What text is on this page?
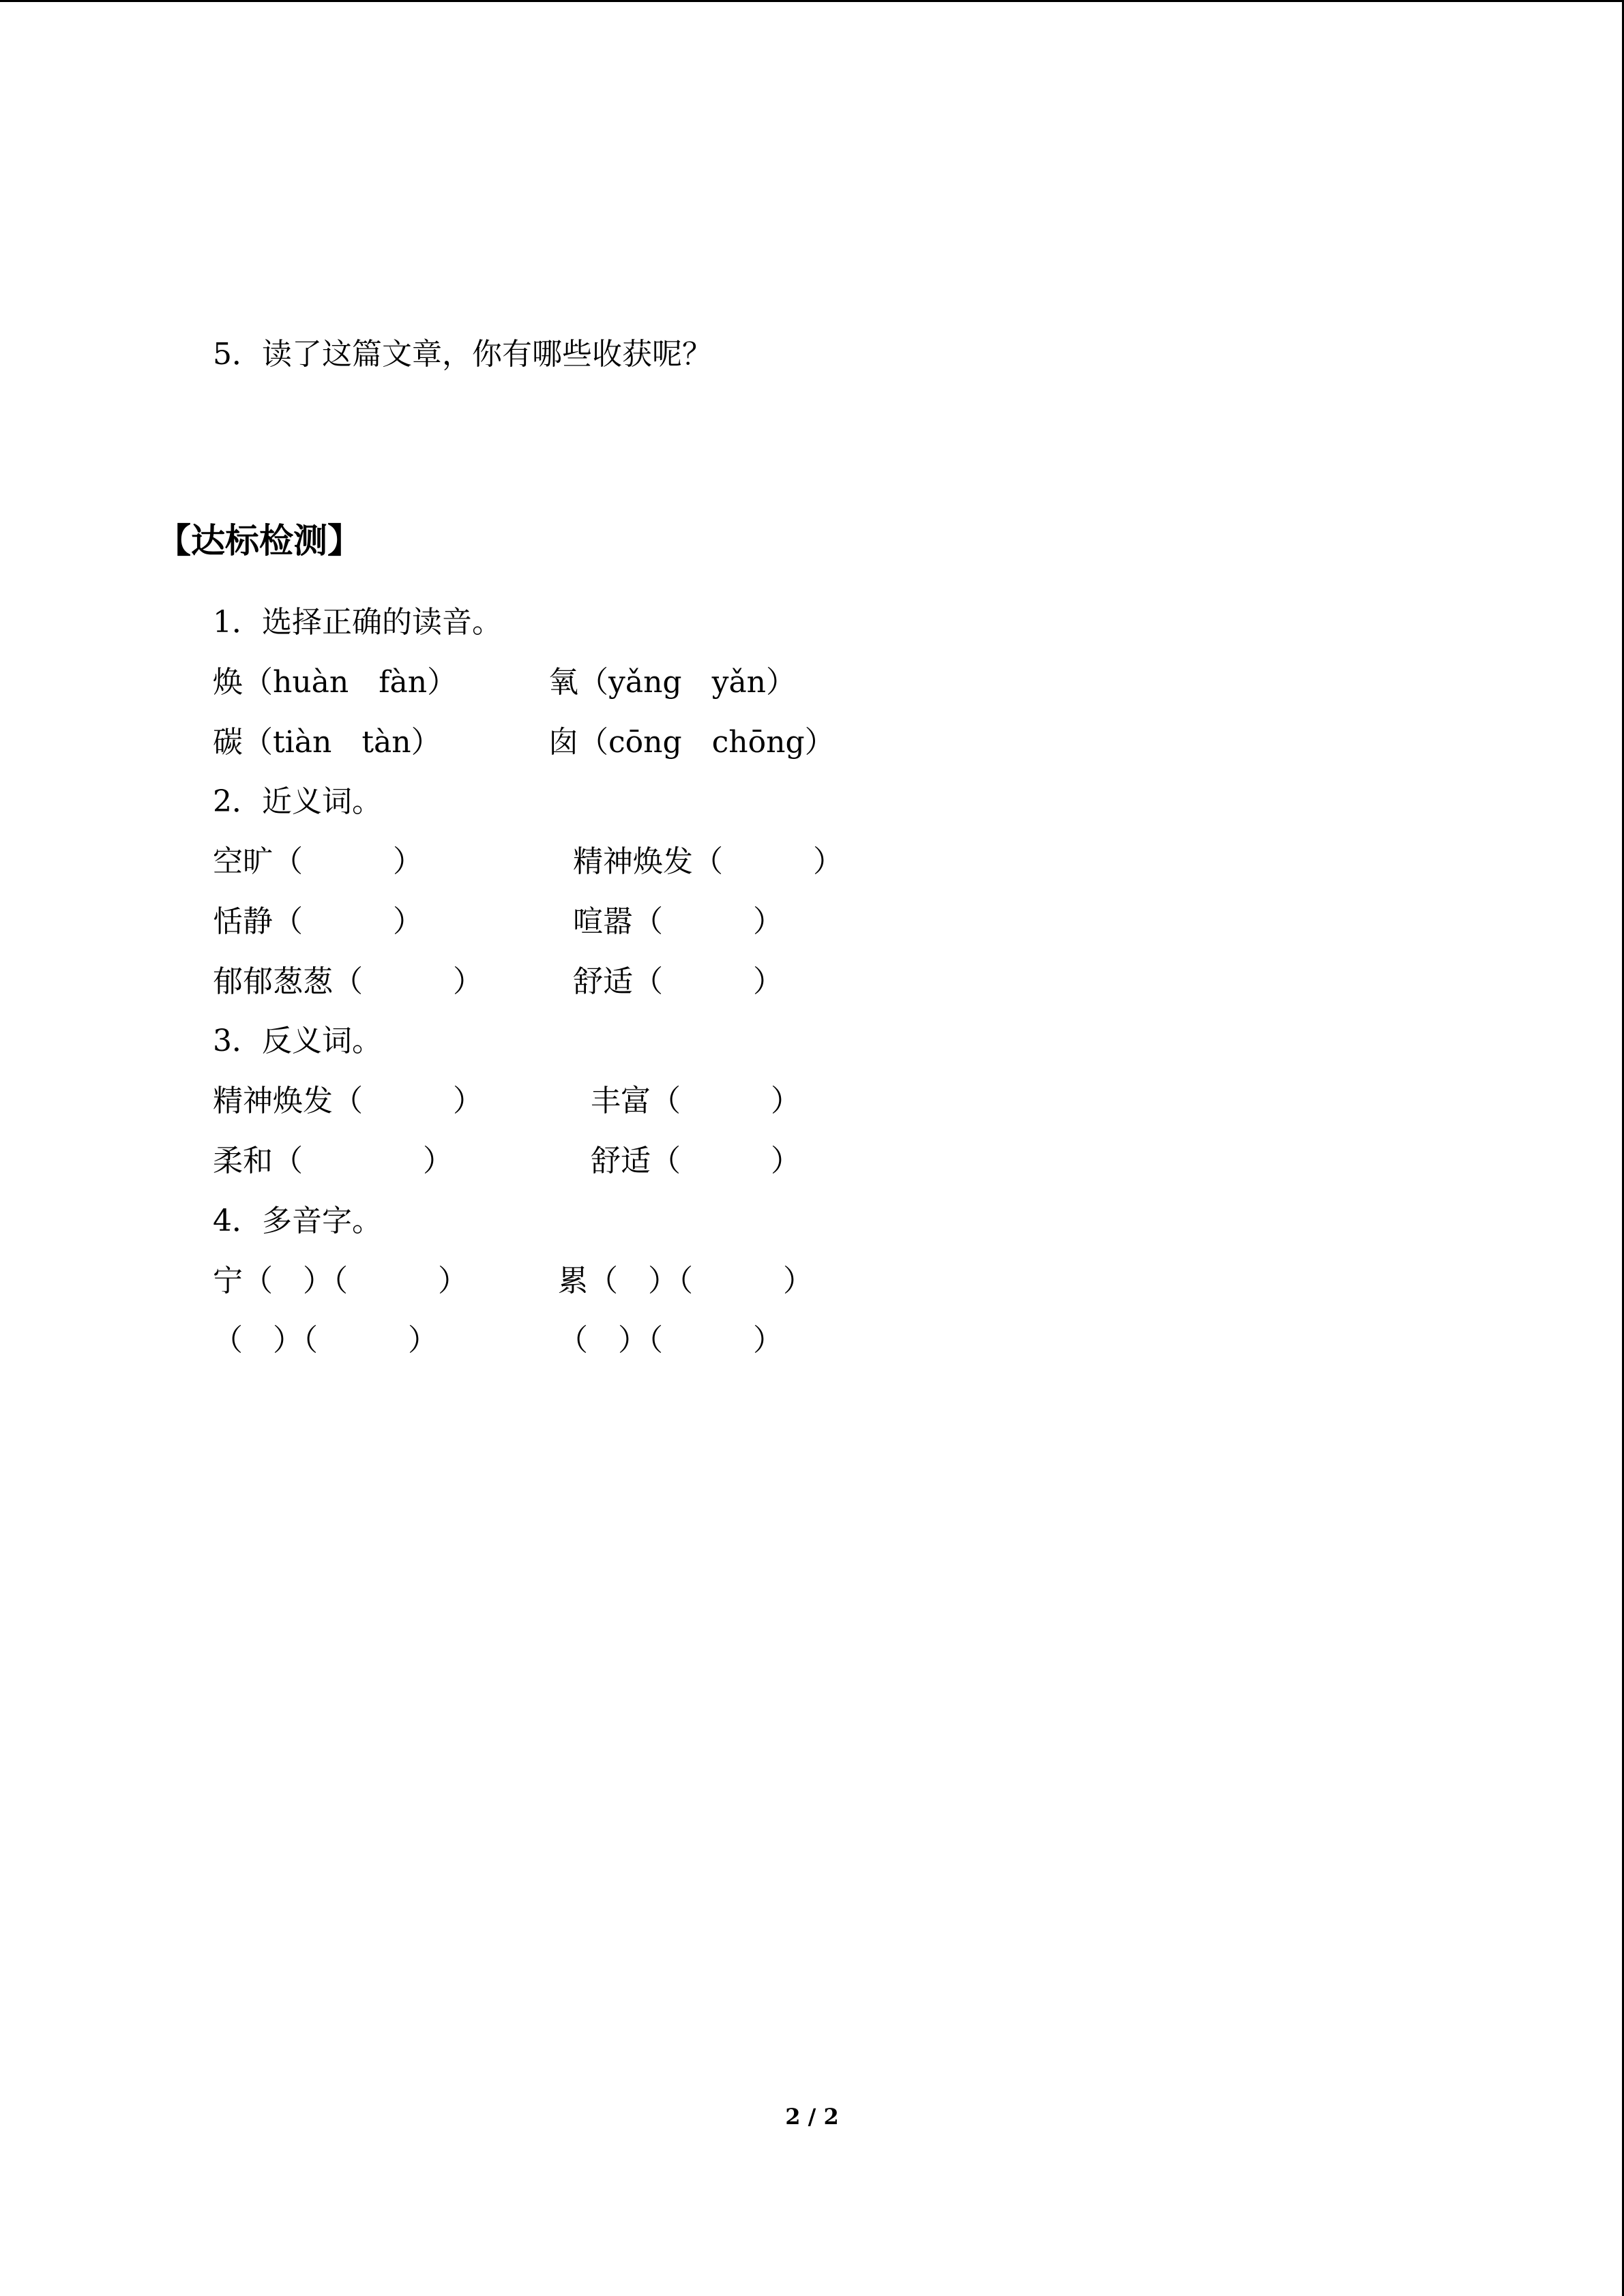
5．读了这篇文章，你有哪些收获呢？
【达标检测】
1．选择正确的读音。
焕（huàn　fàn）	氧（yǎng　yǎn）
碳（tiàn　tàn）	囱（cōng　chōng）
2．近义词。
空旷（　　　）	精神焕发（　　　）
恬静（　　　）	喧嚣（　　　）
郁郁葱葱（　　　）	舒适（　　　）
3．反义词。
精神焕发（　　　）	丰富（　　　）
柔和（　　　　）	舒适（　　　）
4．多音字。
宁（　）（　　　）	累（　）（　　　）
（　）（　　　）	（　）（　　　）
2 / 2
